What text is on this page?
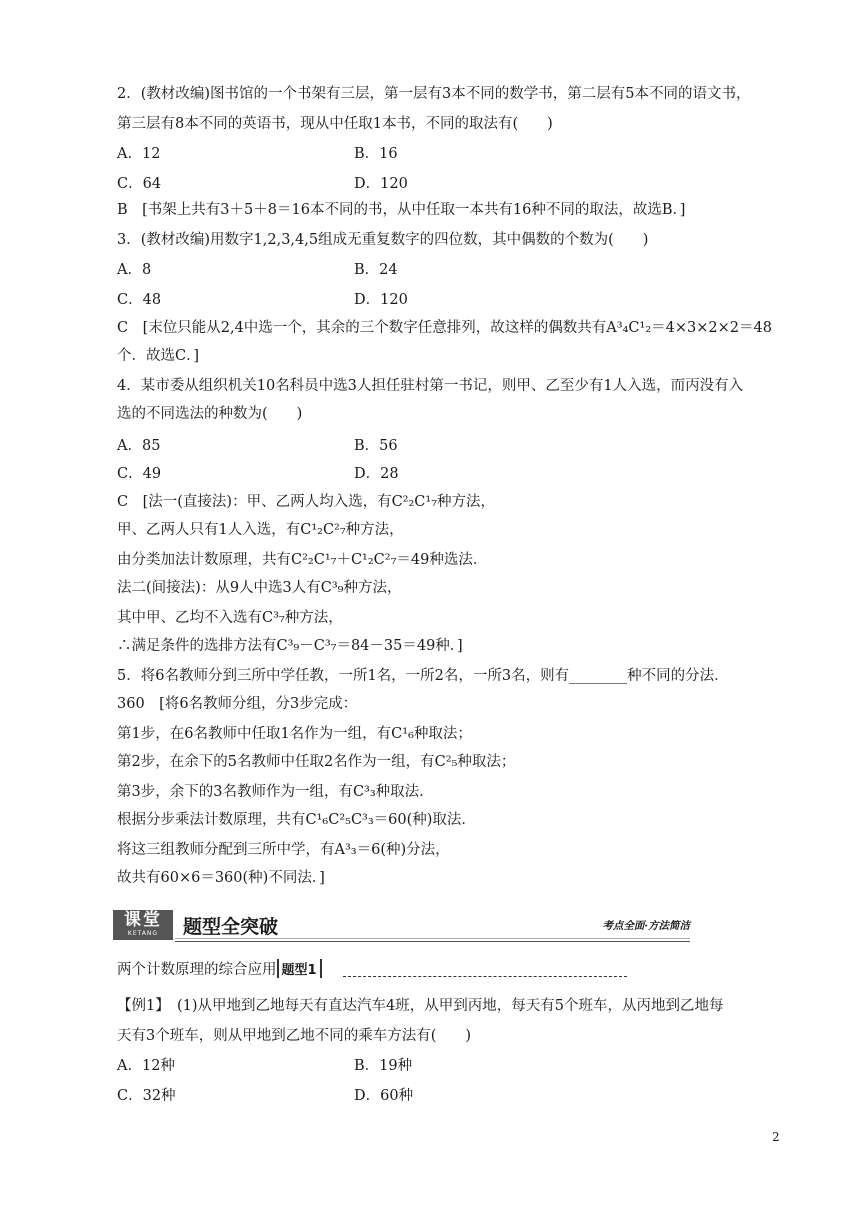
2．(教材改编)图书馆的一个书架有三层，第一层有3本不同的数学书，第二层有5本不同的语文书，
第三层有8本不同的英语书，现从中任取1本书，不同的取法有(　　)
A．12	B．16
C．64	D．120
B　[书架上共有3＋5＋8＝16本不同的书，从中任取一本共有16种不同的取法，故选B．]
3．(教材改编)用数字1,2,3,4,5组成无重复数字的四位数，其中偶数的个数为(　　)
A．8	B．24
C．48	D．120
C　[末位只能从2,4中选一个，其余的三个数字任意排列，故这样的偶数共有A³₄C¹₂＝4×3×2×2＝48
个．故选C．]
4．某市委从组织机关10名科员中选3人担任驻村第一书记，则甲、乙至少有1人入选，而丙没有入
选的不同选法的种数为(　　)
A．85	B．56
C．49	D．28
C　[法一(直接法)：甲、乙两人均入选，有C²₂C¹₇种方法，
甲、乙两人只有1人入选，有C¹₂C²₇种方法，
由分类加法计数原理，共有C²₂C¹₇＋C¹₂C²₇＝49种选法．
法二(间接法)：从9人中选3人有C³₉种方法，
其中甲、乙均不入选有C³₇种方法，
∴满足条件的选排方法有C³₉－C³₇＝84－35＝49种．]
5．将6名教师分到三所中学任教，一所1名，一所2名，一所3名，则有________种不同的分法．
360　[将6名教师分组，分3步完成：
第1步，在6名教师中任取1名作为一组，有C¹₆种取法；
第2步，在余下的5名教师中任取2名作为一组，有C²₅种取法；
第3步，余下的3名教师作为一组，有C³₃种取法．
根据分步乘法计数原理，共有C¹₆C²₅C³₃＝60(种)取法．
将这三组教师分配到三所中学，有A³₃＝6(种)分法，
故共有60×6＝360(种)不同法．]
课堂
KETANG	题型全突破	考点全面·方法简洁
两个计数原理的综合应用 题型1
【例1】　(1)从甲地到乙地每天有直达汽车4班，从甲到丙地，每天有5个班车，从丙地到乙地每
天有3个班车，则从甲地到乙地不同的乘车方法有(　　)
A．12种	B．19种
C．32种	D．60种
2
